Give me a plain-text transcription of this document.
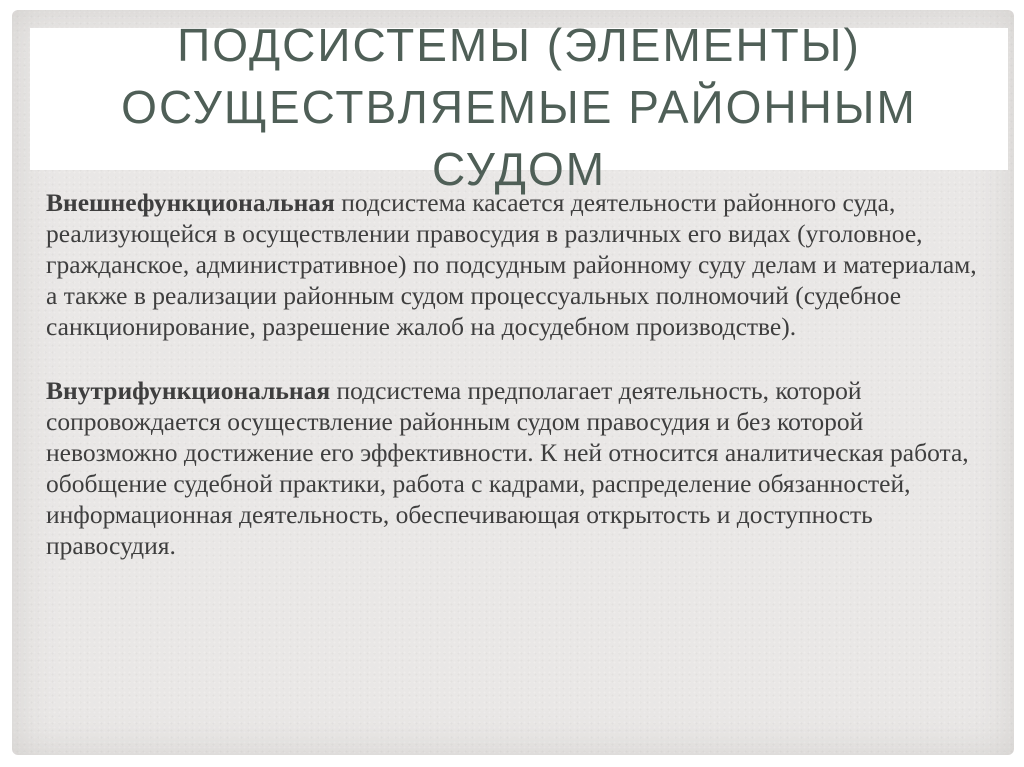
ПОДСИСТЕМЫ (ЭЛЕМЕНТЫ) ОСУЩЕСТВЛЯЕМЫЕ РАЙОННЫМ СУДОМ

Внешнефункциональная подсистема касается деятельности районного суда, реализующейся в осуществлении правосудия в различных его видах (уголовное, гражданское, административное) по подсудным районному суду делам и материалам, а также в реализации районным судом процессуальных полномочий (судебное санкционирование, разрешение жалоб на досудебном производстве).

Внутрифункциональная подсистема предполагает деятельность, которой сопровождается осуществление районным судом правосудия и без которой невозможно достижение его эффективности. К ней относится аналитическая работа, обобщение судебной практики, работа с кадрами, распределение обязанностей, информационная деятельность, обеспечивающая открытость и доступность правосудия.
